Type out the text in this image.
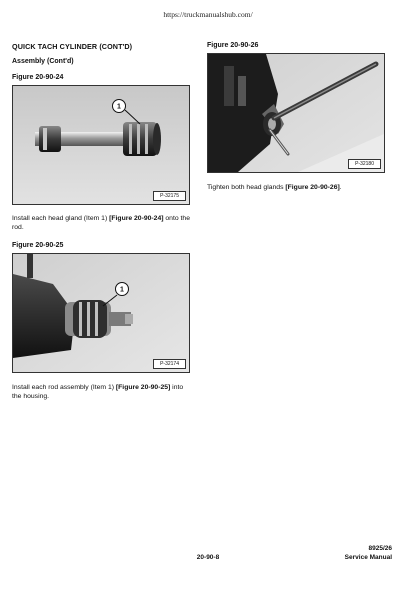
https://truckmanualshub.com/
QUICK TACH CYLINDER (CONT'D)
Assembly (Cont'd)
Figure 20-90-24
1
P-32175
Install each head gland (Item 1) [Figure 20-90-24] onto the rod.
Figure 20-90-25
1
P-32174
Install each rod assembly (Item 1) [Figure 20-90-25] into the housing.
Figure 20-90-26
P-32180
Tighten both head glands [Figure 20-90-26].
20-90-8
8925/26
Service Manual
